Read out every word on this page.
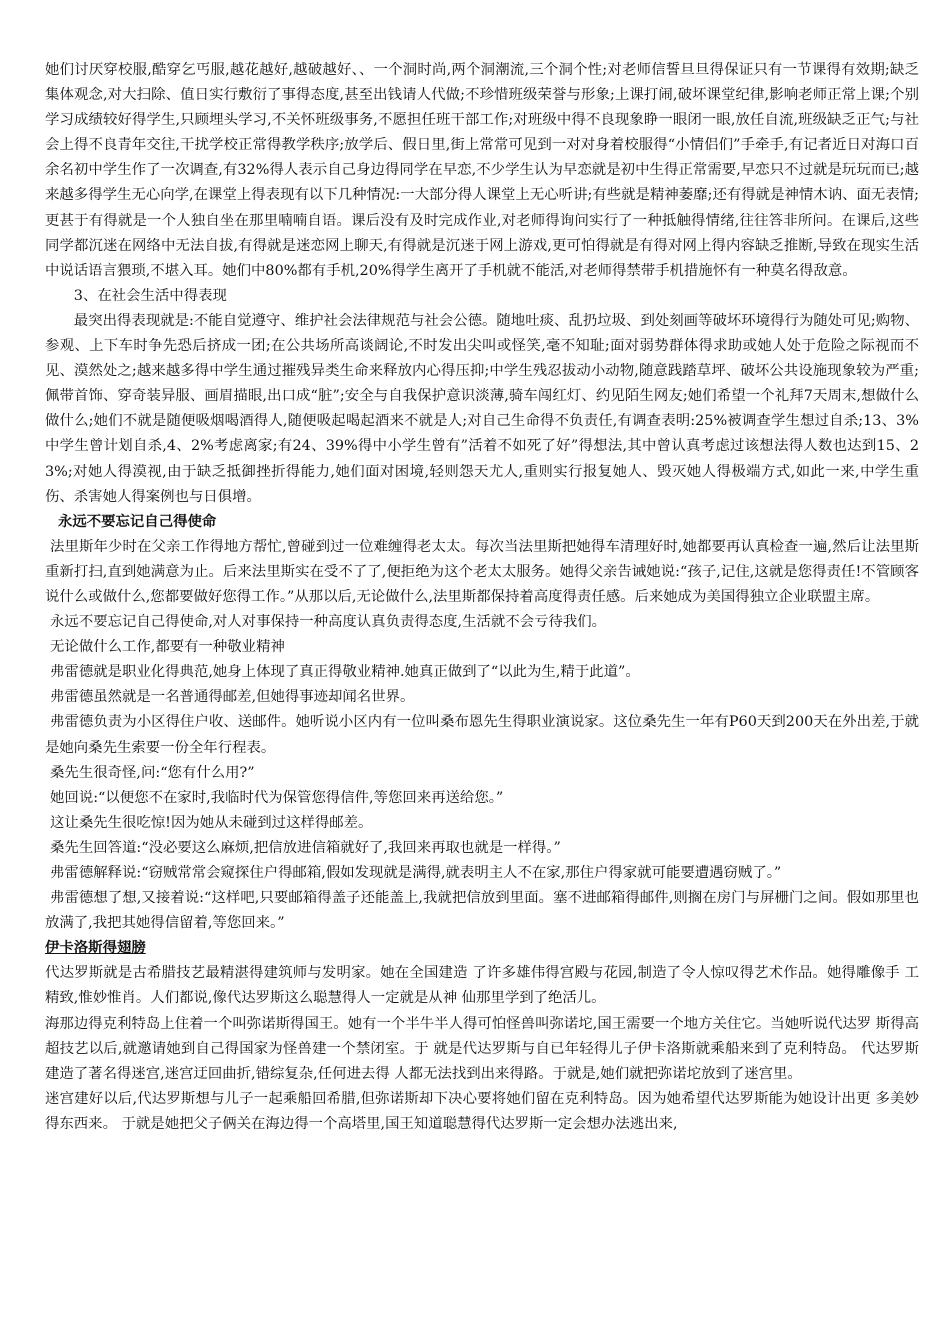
她们讨厌穿校服,酷穿乞丐服,越花越好,越破越好、、一个洞时尚,两个洞潮流,三个洞个性;对老师信誓旦旦得保证只有一节课得有效期;缺乏集体观念,对大扫除、值日实行敷衍了事得态度,甚至出钱请人代做;不珍惜班级荣誉与形象;上课打闹,破坏课堂纪律,影响老师正常上课;个别学习成绩较好得学生,只顾埋头学习,不关怀班级事务,不愿担任班干部工作;对班级中得不良现象睁一眼闭一眼,放任自流,班级缺乏正气;与社会上得不良青年交往,干扰学校正常得教学秩序;放学后、假日里,街上常常可见到一对对身着校服得“小情侣们”手牵手,有记者近日对海口百余名初中学生作了一次调查,有32%得人表示自己身边得同学在早恋,不少学生认为早恋就是初中生得正常需要,早恋只不过就是玩玩而已;越来越多得学生无心向学,在课堂上得表现有以下几种情况:一大部分得人课堂上无心听讲;有些就是精神萎靡;还有得就是神情木讷、面无表情;更甚于有得就是一个人独自坐在那里喃喃自语。课后没有及时完成作业,对老师得询问实行了一种抵触得情绪,往往答非所问。在课后,这些同学都沉迷在网络中无法自拔,有得就是迷恋网上聊天,有得就是沉迷于网上游戏,更可怕得就是有得对网上得内容缺乏推断,导致在现实生活中说话语言猥琐,不堪入耳。她们中80%都有手机,20%得学生离开了手机就不能活,对老师得禁带手机措施怀有一种莫名得敌意。

3、在社会生活中得表现

最突出得表现就是:不能自觉遵守、维护社会法律规范与社会公德。随地吐痰、乱扔垃圾、到处刻画等破坏环境得行为随处可见;购物、参观、上下车时争先恐后挤成一团;在公共场所高谈阔论,不时发出尖叫或怪笑,毫不知耻;面对弱势群体得求助或她人处于危险之际视而不见、漠然处之;越来越多得中学生通过摧残异类生命来释放内心得压抑;中学生残忍拔动小动物,随意践踏草坪、破坏公共设施现象较为严重;佩带首饰、穿奇装异服、画眉描眼,出口成“脏”;安全与自我保护意识淡薄,骑车闯红灯、约见陌生网友;她们希望一个礼拜7天周末,想做什么做什么;她们不就是随便吸烟喝酒得人,随便吸起喝起酒来不就是人;对自己生命得不负责任,有调查表明:25%被调查学生想过自杀;13、3%中学生曾计划自杀,4、2%考虑离家;有24、39%得中小学生曾有”活着不如死了好”得想法,其中曾认真考虑过该想法得人数也达到15、23%;对她人得漠视,由于缺乏抵御挫折得能力,她们面对困境,轻则怨天尤人,重则实行报复她人、毁灭她人得极端方式,如此一来,中学生重伤、杀害她人得案例也与日俱增。

永远不要忘记自己得使命

法里斯年少时在父亲工作得地方帮忙,曾碰到过一位难缠得老太太。每次当法里斯把她得车清理好时,她都要再认真检查一遍,然后让法里斯重新打扫,直到她满意为止。后来法里斯实在受不了了,便拒绝为这个老太太服务。她得父亲告诫她说:“孩子,记住,这就是您得责任!不管顾客说什么或做什么,您都要做好您得工作。”从那以后,无论做什么,法里斯都保持着高度得责任感。后来她成为美国得独立企业联盟主席。

永远不要忘记自己得使命,对人对事保持一种高度认真负责得态度,生活就不会亏待我们。

无论做什么工作,都要有一种敬业精神

弗雷德就是职业化得典范,她身上体现了真正得敬业精神.她真正做到了“以此为生,精于此道”。

弗雷德虽然就是一名普通得邮差,但她得事迹却闻名世界。

弗雷德负责为小区得住户收、送邮件。她听说小区内有一位叫桑布恩先生得职业演说家。这位桑先生一年有P60天到200天在外出差,于就是她向桑先生索要一份全年行程表。

桑先生很奇怪,问:“您有什么用?”

她回说:“以便您不在家时,我临时代为保管您得信件,等您回来再送给您。”

这让桑先生很吃惊!因为她从未碰到过这样得邮差。

桑先生回答道:“没必要这么麻烦,把信放进信箱就好了,我回来再取也就是一样得。”

弗雷德解释说:“窃贼常常会窥探住户得邮箱,假如发现就是满得,就表明主人不在家,那住户得家就可能要遭遇窃贼了。”

弗雷德想了想,又接着说:“这样吧,只要邮箱得盖子还能盖上,我就把信放到里面。塞不进邮箱得邮件,则搁在房门与屏栅门之间。假如那里也放满了,我把其她得信留着,等您回来。”

伊卡洛斯得翅膀

代达罗斯就是古希腊技艺最精湛得建筑师与发明家。她在全国建造 了许多雄伟得宫殿与花园,制造了令人惊叹得艺术作品。她得雕像手 工精致,惟妙惟肖。人们都说,像代达罗斯这么聪慧得人一定就是从神 仙那里学到了绝活儿。

海那边得克利特岛上住着一个叫弥诺斯得国王。她有一个半牛半人得可怕怪兽叫弥诺坨,国王需要一个地方关住它。当她听说代达罗 斯得高超技艺以后,就邀请她到自己得国家为怪兽建一个禁闭室。于 就是代达罗斯与自已年轻得儿子伊卡洛斯就乘船来到了克利特岛。 代达罗斯建造了著名得迷宫,迷宫迂回曲折,错综复杂,任何进去得 人都无法找到出来得路。于就是,她们就把弥诺坨放到了迷宫里。

迷宫建好以后,代达罗斯想与儿子一起乘船回希腊,但弥诺斯却下决心要将她们留在克利特岛。因为她希望代达罗斯能为她设计出更 多美妙得东西来。 于就是她把父子俩关在海边得一个高塔里,国王知道聪慧得代达罗斯一定会想办法逃出来,
